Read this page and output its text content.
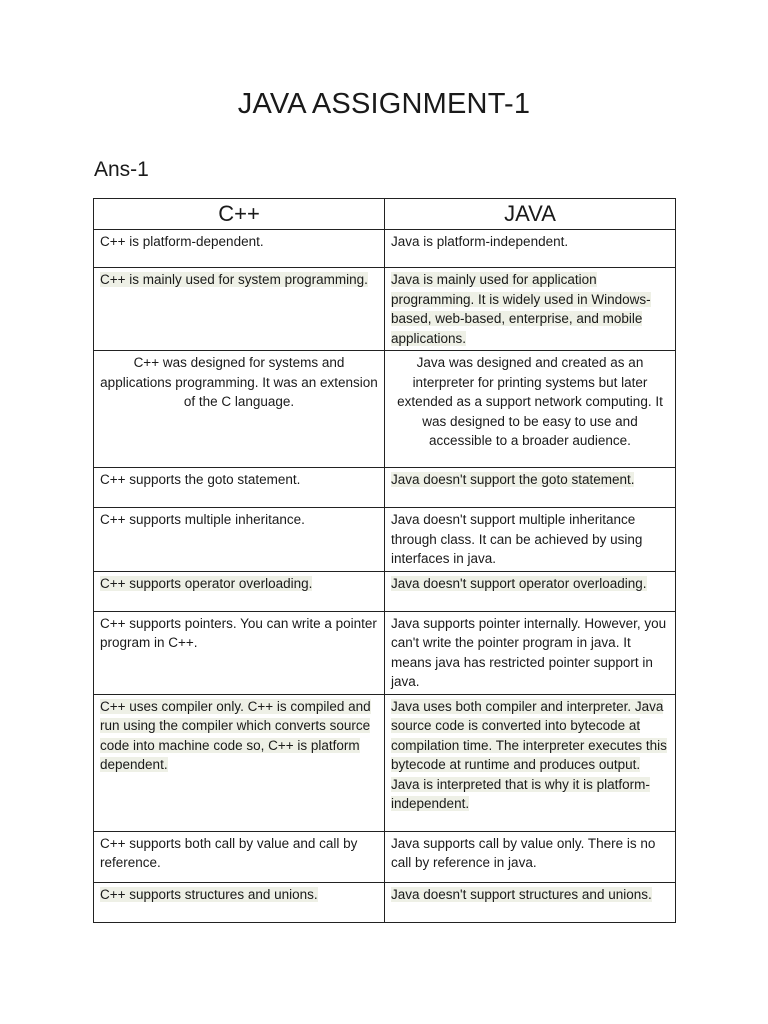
JAVA ASSIGNMENT-1
Ans-1
C++	JAVA
C++ is platform-dependent.	Java is platform-independent.
C++ is mainly used for system programming.	Java is mainly used for application programming. It is widely used in Windows-based, web-based, enterprise, and mobile applications.
C++ was designed for systems and applications programming. It was an extension of the C language.	Java was designed and created as an interpreter for printing systems but later extended as a support network computing. It was designed to be easy to use and accessible to a broader audience.
C++ supports the goto statement.	Java doesn't support the goto statement.
C++ supports multiple inheritance.	Java doesn't support multiple inheritance through class. It can be achieved by using interfaces in java.
C++ supports operator overloading.	Java doesn't support operator overloading.
C++ supports pointers. You can write a pointer program in C++.	Java supports pointer internally. However, you can't write the pointer program in java. It means java has restricted pointer support in java.
C++ uses compiler only. C++ is compiled and run using the compiler which converts source code into machine code so, C++ is platform dependent.	Java uses both compiler and interpreter. Java source code is converted into bytecode at compilation time. The interpreter executes this bytecode at runtime and produces output. Java is interpreted that is why it is platform-independent.
C++ supports both call by value and call by reference.	Java supports call by value only. There is no call by reference in java.
C++ supports structures and unions.	Java doesn't support structures and unions.
